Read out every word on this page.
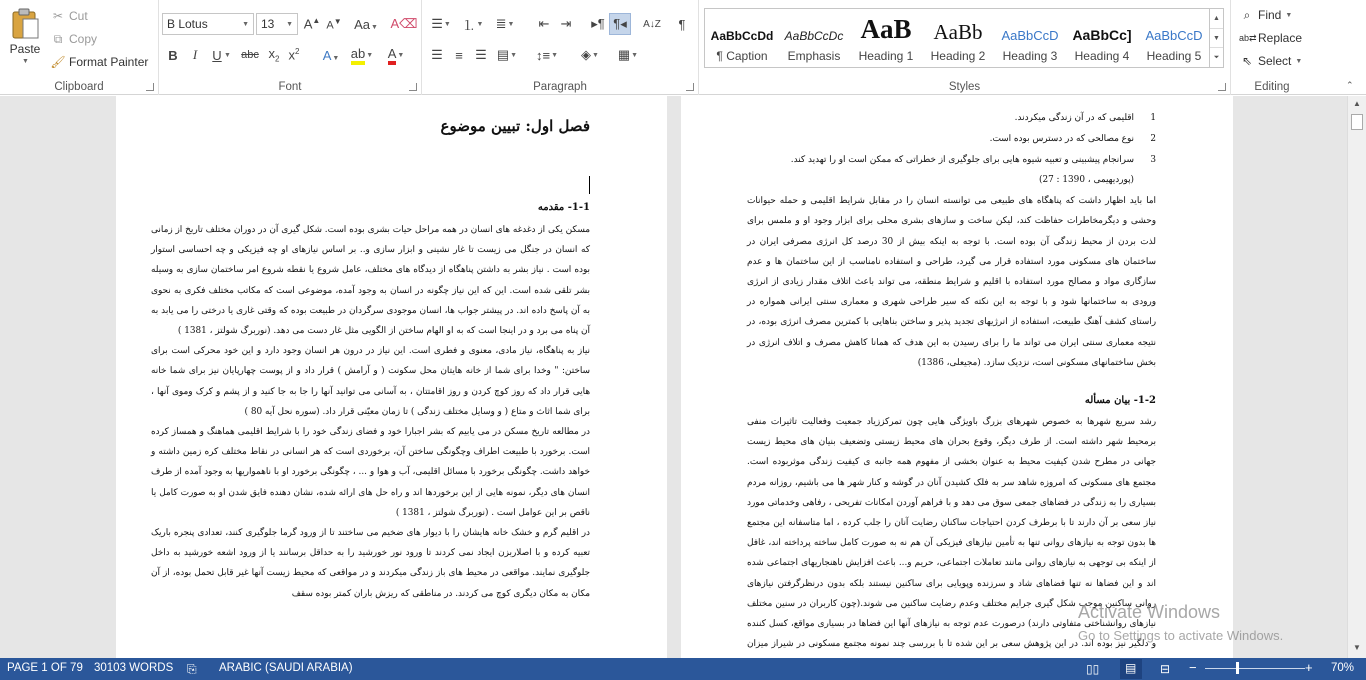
Paste
▼
✂ Cut
⧉ Copy
🖌 Format Painter
Clipboard
B Lotus	▼ 13 ▼ A▲ A▼ Aa▼ A⌫
B I U ▼ abc $x_2$ $x^2$ A▼ ab ▼ A ▼
Font
☰ ▼ ⒈ ▼ ≣ ▼ ⇤ ⇥ ▸¶ ¶◂ A↓Z ¶
☰ ≡ ☰ ▤ ▼ ↕≡ ▼ ◈ ▼ ▦ ▼
Paragraph	Styles
AaBbCcDd
¶ Caption
AaBbCcDc
Emphasis
AaB
Heading 1
AaBb
Heading 2
AaBbCcD
Heading 3
AaBbCc]
Heading 4
AaBbCcD
Heading 5
▲
▼
⏷
⌕ Find ▼
ab⇄ Replace
⇖ Select ▼
Editing	⌃
فصل اول: تبیین موضوع
1-1- مقدمه
مسکن یکی از دغدغه های انسان در همه مراحل حیات بشری بوده است. شکل گیری آن در دوران مختلف تاریخ از زمانی که انسان در جنگل می زیست تا غار نشینی و ابزار سازی و.. بر اساس نیازهای او چه فیزیکی و چه احساسی استوار بوده است . نیاز بشر به داشتن پناهگاه از دیدگاه های مختلف، عامل شروع یا نقطه شروع امر ساختمان سازی به وسیله بشر تلقی شده است. این که این نیاز چگونه در انسان به وجود آمده، موضوعی است که مکاتب مختلف فکری به نحوی به آن پاسخ داده اند. در پیشتر جواب ها، انسان موجودی سرگردان در طبیعت بوده که وقتی غاری یا درختی را می یابد به آن پناه می برد و در اینجا است که به او الهام ساختن از الگویی مثل غار دست می دهد. (نوربرگ شولتز ، 1381 )
نیاز به پناهگاه، نیاز مادی، معنوی و فطری است. این نیاز در درون هر انسان وجود دارد و این خود محرکی است برای ساختن: " وخدا برای شما از خانه هایتان محل سکونت ( و آرامش ) قرار داد و از پوست چهارپایان نیز برای شما خانه هایی قرار داد که روز کوچ کردن و روز اقامتتان ، به آسانی می توانید آنها را جا به جا کنید و از پشم و کرک وموی آنها ، برای شما اثاث و متاع ( و وسایل مختلف زندگی ) تا زمان معیّنی قرار داد. (سوره نحل آیه 80 )
در مطالعه تاریخ مسکن در می یابیم که بشر اجبارا خود و فضای زندگی خود را با شرایط اقلیمی هماهنگ و همساز کرده است. برخورد با طبیعت اطراف وچگونگی ساختن آن، برخوردی است که هر انسانی در نقاط مختلف کره زمین داشته و خواهد داشت. چگونگی برخورد با مسائل اقلیمی، آب و هوا و ... ، چگونگی برخورد او با ناهمواریها به وجود آمده از طرف انسان های دیگر، نمونه هایی از این برخوردها اند و راه حل های ارائه شده، نشان دهنده فایق شدن او به صورت کامل یا ناقص بر این عوامل است . (نوربرگ شولتز ، 1381 )
در اقلیم گرم و خشک خانه هایشان را با دیوار های ضخیم می ساختند تا از ورود گرما جلوگیری کنند، تعدادی پنجره باریک تعبیه کرده و با اصلاربزن ایجاد نمی کردند تا ورود نور خورشید را به حداقل برسانند یا از ورود اشعه خورشید به داخل جلوگیری نمایند. مواقعی در محیط های باز زندگی میکردند و در مواقعی که محیط زیست آنها غیر قابل تحمل بوده، از آن مکان به مکان دیگری کوچ می کردند. در مناطقی که ریزش باران کمتر بوده سقف
1
اقلیمی که در آن زندگی میکردند.
2
نوع مصالحی که در دسترس بوده است.
3
سرانجام پیشبینی و تعبیه شیوه هایی برای جلوگیری از خطراتی که ممکن است او را تهدید کند.
(پوردیهیمی ، 1390 : 27)
اما باید اظهار داشت که پناهگاه های طبیعی می توانسته انسان را در مقابل شرایط اقلیمی و حمله حیوانات وحشی و دیگرمخاطرات حفاظت کند، لیکن ساخت و سازهای بشری محلی برای ابزار وجود او و ملمس برای لذت بردن از محیط زندگی آن بوده است. با توجه به اینکه بیش از 30 درصد کل انرژی مصرفی ایران در ساختمان های مسکونی مورد استفاده قرار می گیرد، طراحی و استفاده نامناسب از این ساختمان ها و عدم سازگاری مواد و مصالح مورد استفاده با اقلیم و شرایط منطقه، می تواند باعث اتلاف مقدار زیادی از انرژی ورودی به ساختمانها شود و با توجه به این نکته که سیر طراحی شهری و معماری سنتی ایرانی همواره در راستای کشف آهنگ طبیعت، استفاده از انرژیهای تجدید پذیر و ساختن بناهایی با کمترین مصرف انرژی بوده، در نتیجه معماری سنتی ایران می تواند ما را برای رسیدن به این هدف که همانا کاهش مصرف و اتلاف انرژی در بخش ساختمانهای مسکونی است، نزدیک سازد. (مجیعلی، 1386)
1-2- بیان مسأله
رشد سریع شهرها به خصوص شهرهای بزرگ باویژگی هایی چون تمرکززیاد جمعیت وفعالیت تاثیرات منفی برمحیط شهر داشته است. از طرف دیگر، وقوع بحران های محیط زیستی وتضعیف بنیان های محیط زیست جهانی در مطرح شدن کیفیت محیط به عنوان بخشی از مفهوم همه جانبه ی کیفیت زندگی موثربوده است. مجتمع های مسکونی که امروزه شاهد سر به فلک کشیدن آنان در گوشه و کنار شهر ها می باشیم، روزانه مردم بسیاری را به زندگی در فضاهای جمعی سوق می دهد و با فراهم آوردن امکانات تفریحی ، رفاهی وخدماتی مورد نیاز سعی بر آن دارند تا با برطرف کردن احتیاجات ساکنان رضایت آنان را جلب کرده ، اما متاسفانه این مجتمع ها بدون توجه به نیازهای روانی تنها به تأمین نیازهای فیزیکی آن هم نه به صورت کامل ساخته پرداخته اند، غافل از اینکه بی توجهی به نیازهای روانی مانند تعاملات اجتماعی، حریم و... باعث افزایش ناهنجاریهای اجتماعی شده اند و این فضاها نه تنها فضاهای شاد و سرزنده وپویایی برای ساکنین نیستند بلکه بدون درنظرگرفتن نیازهای روانی ساکنین موجب شکل گیری جرایم مختلف وعدم رضایت ساکنین می شوند.(چون کاربران در سنین مختلف نیازهای روانشناختی متفاوتی دارند) درصورت عدم توجه به نیازهای آنها این فضاها در بسیاری مواقع، کسل کننده و دلگیر نیز بوده اند. در این پژوهش سعی بر این شده تا با بررسی چند نمونه مجتمع مسکونی در شیراز میزان
Activate Windows
Go to Settings to activate Windows.
▲
▼
PAGE 1 OF 79 30103 WORDS ⎘ ARABIC (SAUDI ARABIA)	▯▯ ▤ ⊟ −	+ 70%
